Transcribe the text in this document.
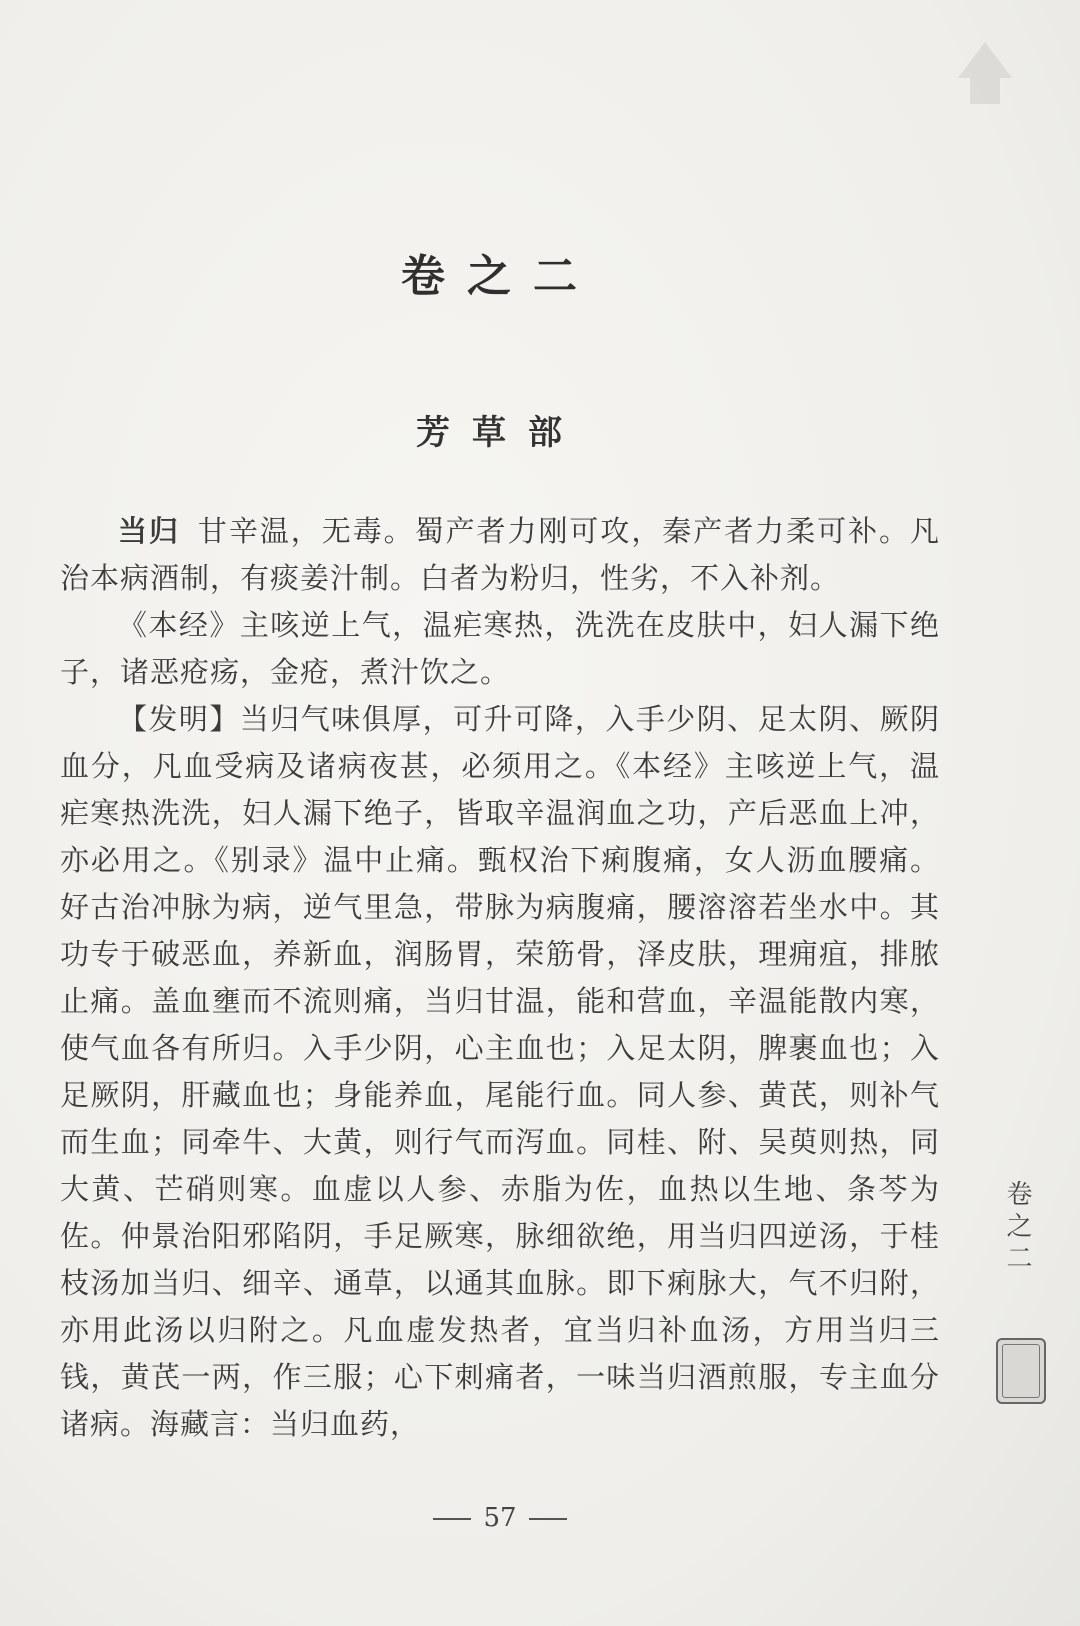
卷之二
芳草部

当归 甘辛温，无毒。蜀产者力刚可攻，秦产者力柔可补。凡治本病酒制，有痰姜汁制。白者为粉归，性劣，不入补剂。

《本经》主咳逆上气，温疟寒热，洗洗在皮肤中，妇人漏下绝子，诸恶疮疡，金疮，煮汁饮之。

【发明】当归气味俱厚，可升可降，入手少阴、足太阴、厥阴血分，凡血受病及诸病夜甚，必须用之。《本经》主咳逆上气，温疟寒热洗洗，妇人漏下绝子，皆取辛温润血之功，产后恶血上冲，亦必用之。《别录》温中止痛。甄权治下痢腹痛，女人沥血腰痛。好古治冲脉为病，逆气里急，带脉为病腹痛，腰溶溶若坐水中。其功专于破恶血，养新血，润肠胃，荣筋骨，泽皮肤，理痈疽，排脓止痛。盖血壅而不流则痛，当归甘温，能和营血，辛温能散内寒，使气血各有所归。入手少阴，心主血也；入足太阴，脾裹血也；入足厥阴，肝藏血也；身能养血，尾能行血。同人参、黄芪，则补气而生血；同牵牛、大黄，则行气而泻血。同桂、附、吴萸则热，同大黄、芒硝则寒。血虚以人参、赤脂为佐，血热以生地、条芩为佐。仲景治阳邪陷阴，手足厥寒，脉细欲绝，用当归四逆汤，于桂枝汤加当归、细辛、通草，以通其血脉。即下痢脉大，气不归附，亦用此汤以归附之。凡血虚发热者，宜当归补血汤，方用当归三钱，黄芪一两，作三服；心下刺痛者，一味当归酒煎服，专主血分诸病。海藏言：当归血药，

57
卷之二
